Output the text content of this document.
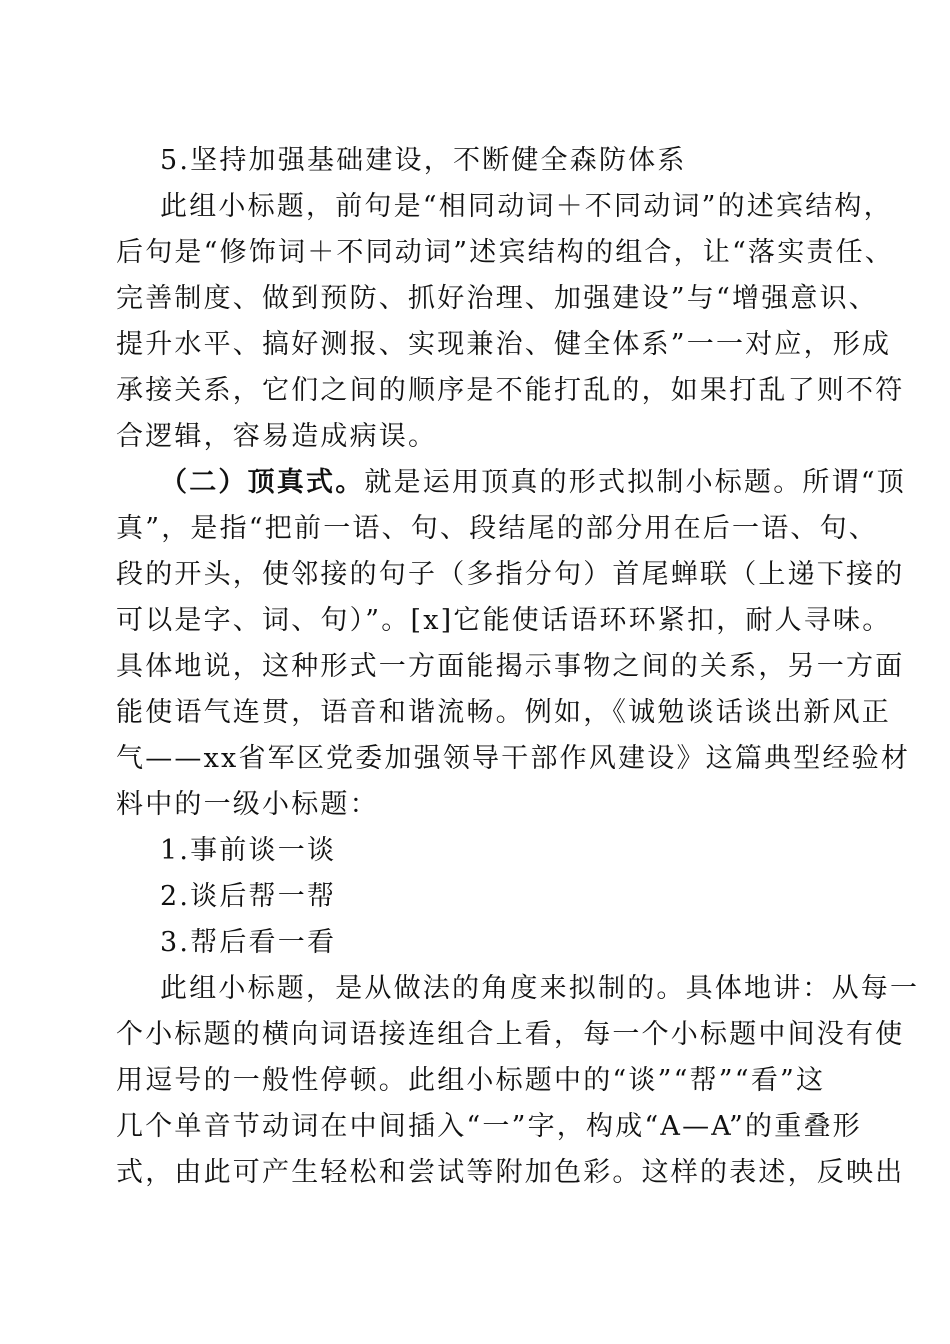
5.坚持加强基础建设，不断健全森防体系
此组小标题，前句是“相同动词＋不同动词”的述宾结构，
后句是“修饰词＋不同动词”述宾结构的组合，让“落实责任、
完善制度、做到预防、抓好治理、加强建设”与“增强意识、
提升水平、搞好测报、实现兼治、健全体系”一一对应，形成
承接关系，它们之间的顺序是不能打乱的，如果打乱了则不符
合逻辑，容易造成病误。
（二）顶真式。就是运用顶真的形式拟制小标题。所谓“顶
真”，是指“把前一语、句、段结尾的部分用在后一语、句、
段的开头，使邻接的句子（多指分句）首尾蝉联（上递下接的
可以是字、词、句）”。[x]它能使话语环环紧扣，耐人寻味。
具体地说，这种形式一方面能揭示事物之间的关系，另一方面
能使语气连贯，语音和谐流畅。例如，《诚勉谈话谈出新风正
气——xx省军区党委加强领导干部作风建设》这篇典型经验材
料中的一级小标题：
1.事前谈一谈
2.谈后帮一帮
3.帮后看一看
此组小标题，是从做法的角度来拟制的。具体地讲：从每一
个小标题的横向词语接连组合上看，每一个小标题中间没有使
用逗号的一般性停顿。此组小标题中的“谈”“帮”“看”这
几个单音节动词在中间插入“一”字，构成“A—A”的重叠形
式，由此可产生轻松和尝试等附加色彩。这样的表述，反映出
